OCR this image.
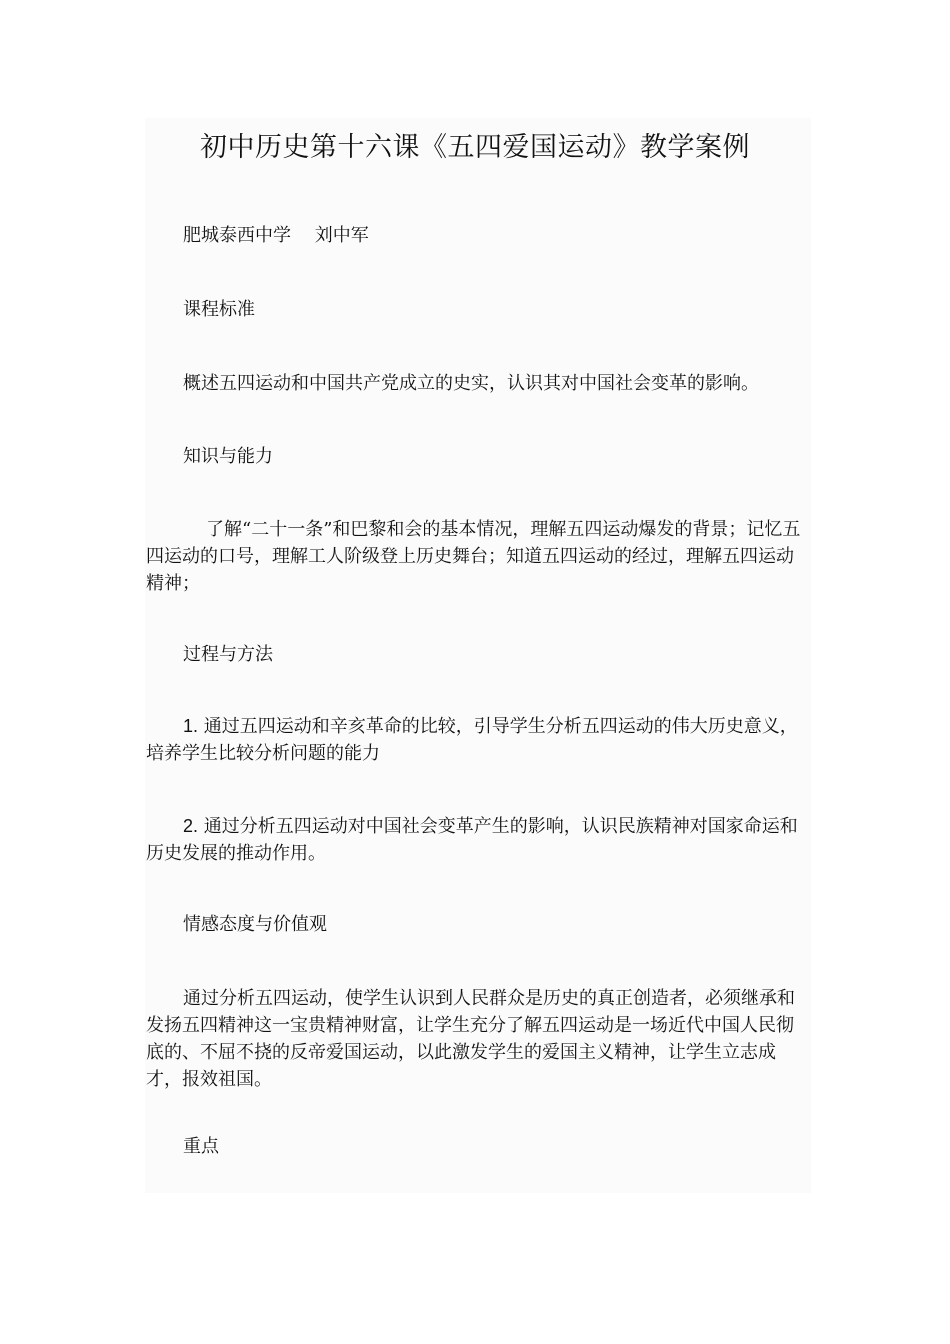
初中历史第十六课《五四爱国运动》教学案例

肥城泰西中学　 刘中军

课程标准

概述五四运动和中国共产党成立的史实，认识其对中国社会变革的影响。

知识与能力

了解“二十一条”和巴黎和会的基本情况，理解五四运动爆发的背景；记忆五四运动的口号，理解工人阶级登上历史舞台；知道五四运动的经过，理解五四运动精神；

过程与方法

1. 通过五四运动和辛亥革命的比较，引导学生分析五四运动的伟大历史意义，培养学生比较分析问题的能力

2. 通过分析五四运动对中国社会变革产生的影响，认识民族精神对国家命运和历史发展的推动作用。

情感态度与价值观

通过分析五四运动，使学生认识到人民群众是历史的真正创造者，必须继承和发扬五四精神这一宝贵精神财富，让学生充分了解五四运动是一场近代中国人民彻底的、不屈不挠的反帝爱国运动，以此激发学生的爱国主义精神，让学生立志成才，报效祖国。

重点
